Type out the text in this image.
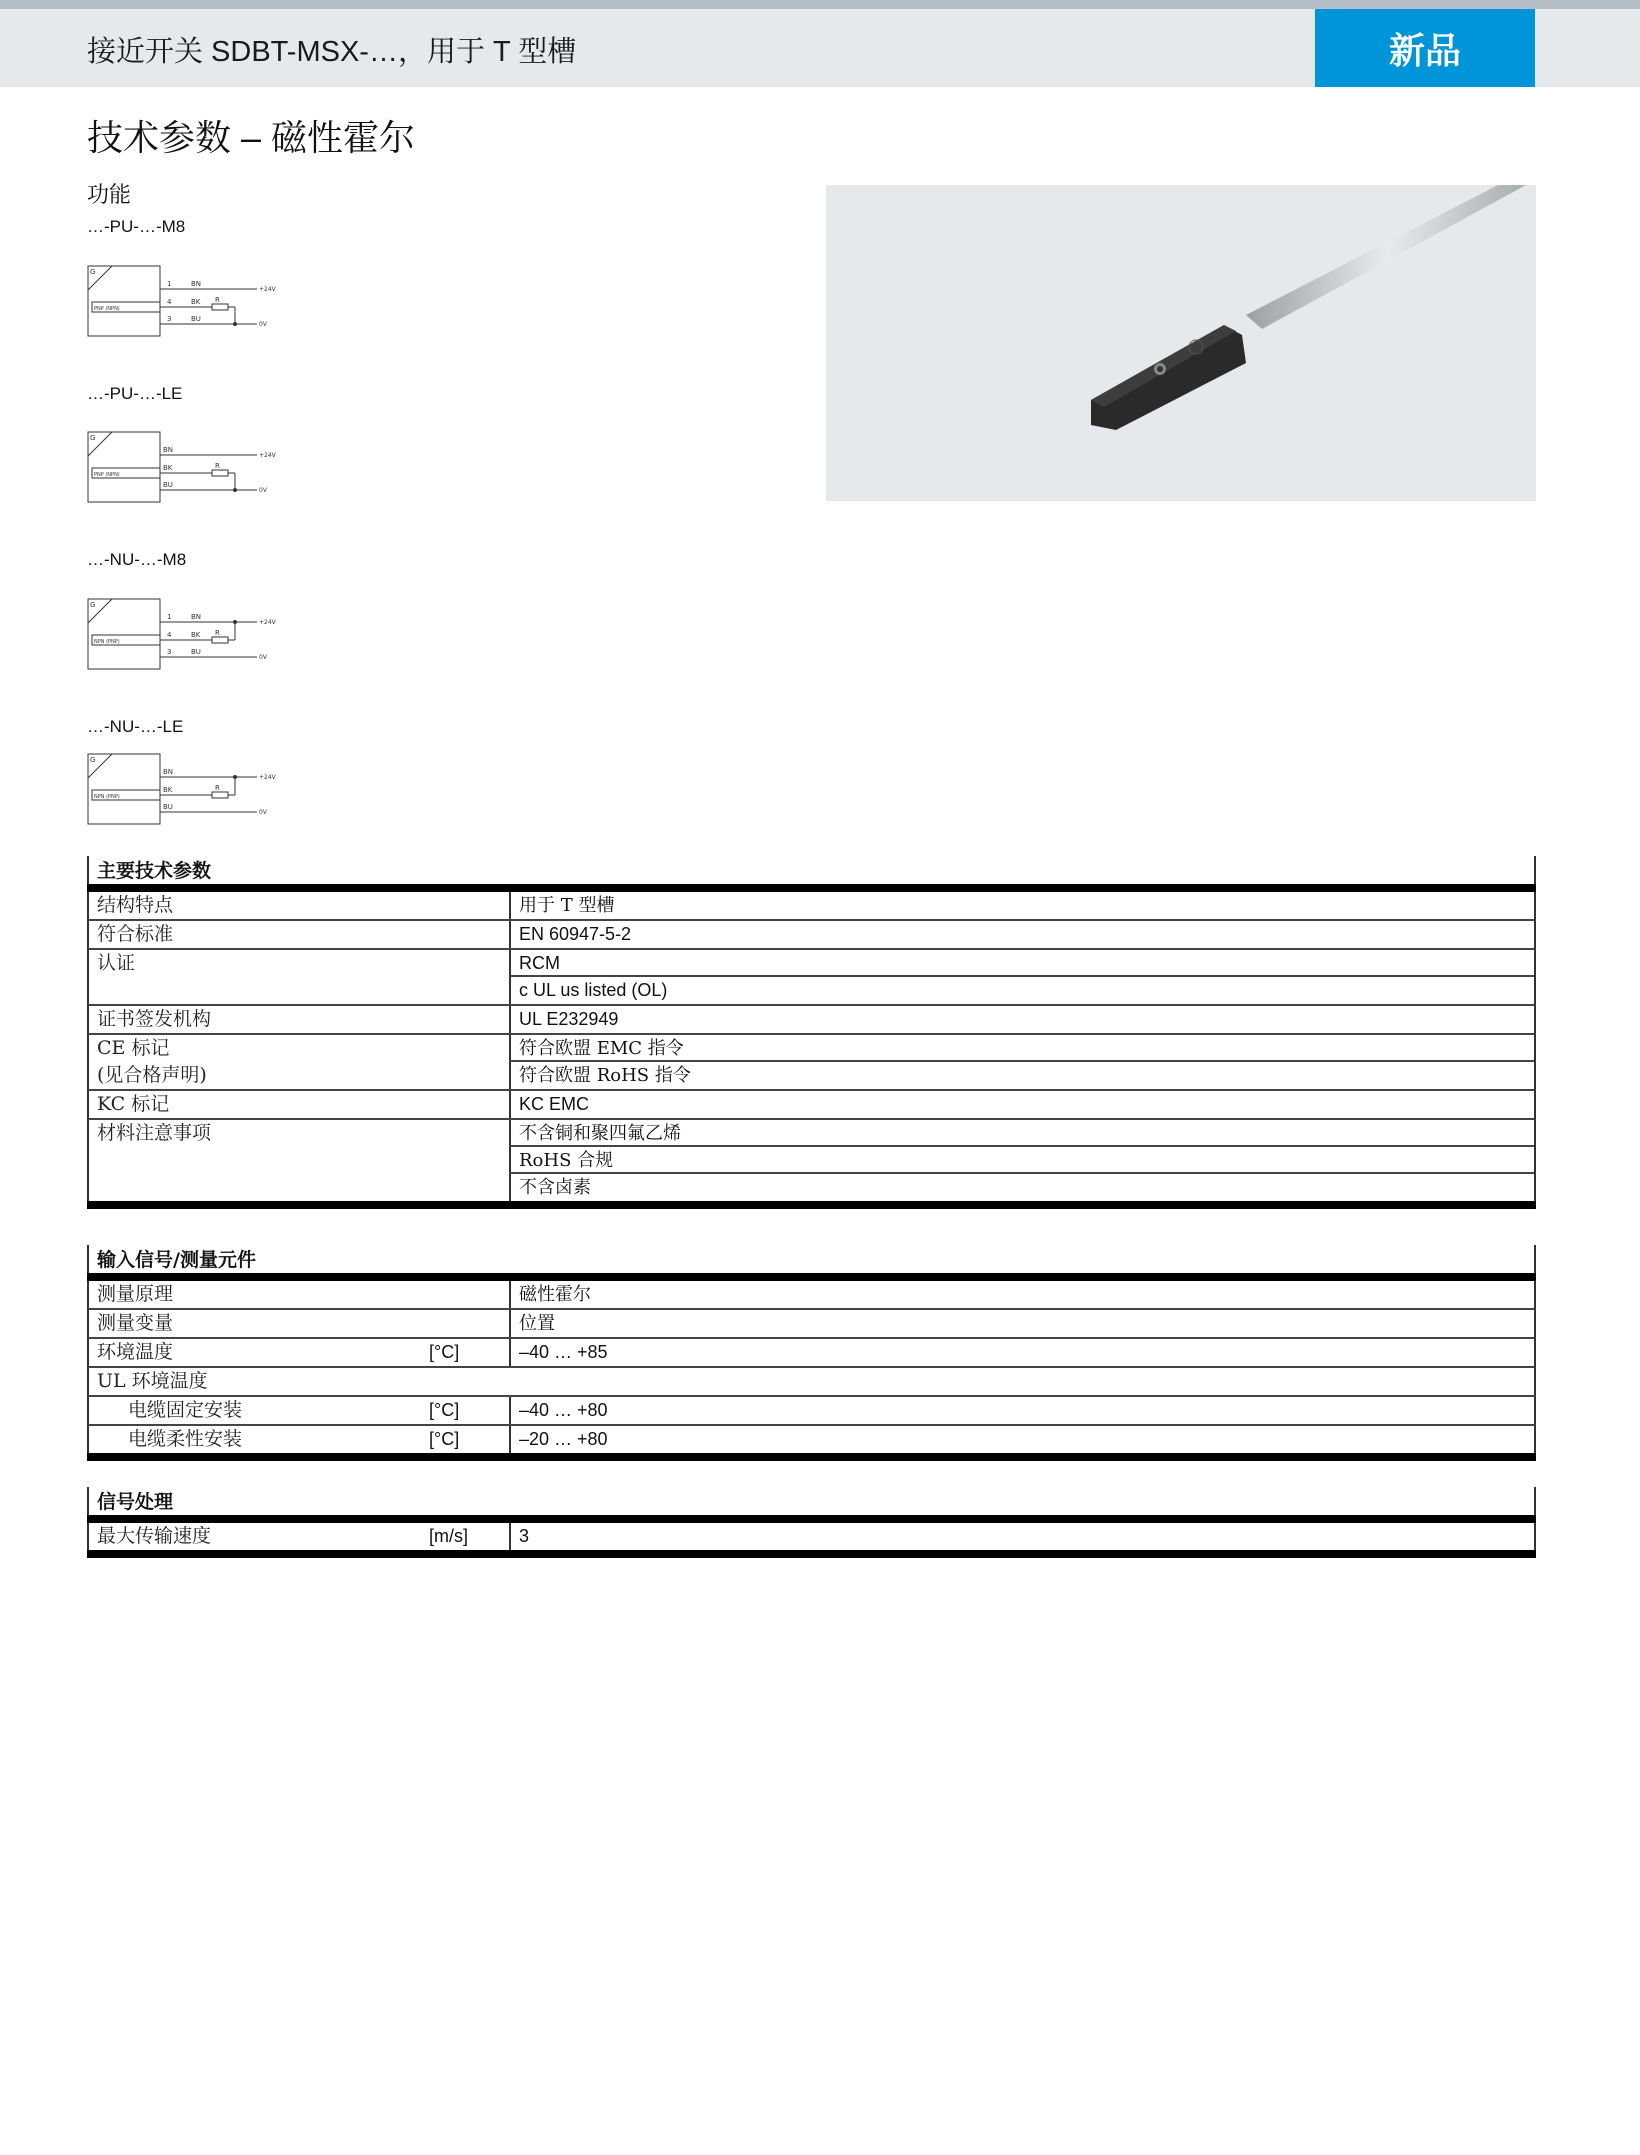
接近开关 SDBT-MSX-…，用于 T 型槽	新品
技术参数 – 磁性霍尔
功能
…-PU-…-M8
G
PNP (NPN)
1
4
3
BN
BK
BU
R
+24V
0V
…-PU-…-LE
G
PNP (NPN)
BN
BK
BU
R
+24V
0V
…-NU-…-M8
G
NPN (PNP)
1
4
3
BN
BK
BU
R
+24V
0V
…-NU-…-LE
G
NPN (PNP)
BN
BK
BU
R
+24V
0V
主要技术参数
结构特点	用于 T 型槽
符合标准	EN 60947-5-2
认证	RCM
c UL us listed (OL)
证书签发机构	UL E232949
CE 标记	符合欧盟 EMC 指令
(见合格声明)	符合欧盟 RoHS 指令
KC 标记	KC EMC
材料注意事项	不含铜和聚四氟乙烯
RoHS 合规
不含卤素
输入信号/测量元件
测量原理	磁性霍尔
测量变量	位置
环境温度	[°C]	–40 … +85
UL 环境温度
电缆固定安装	[°C]	–40 … +80
电缆柔性安装	[°C]	–20 … +80
信号处理
最大传输速度	[m/s]	3
